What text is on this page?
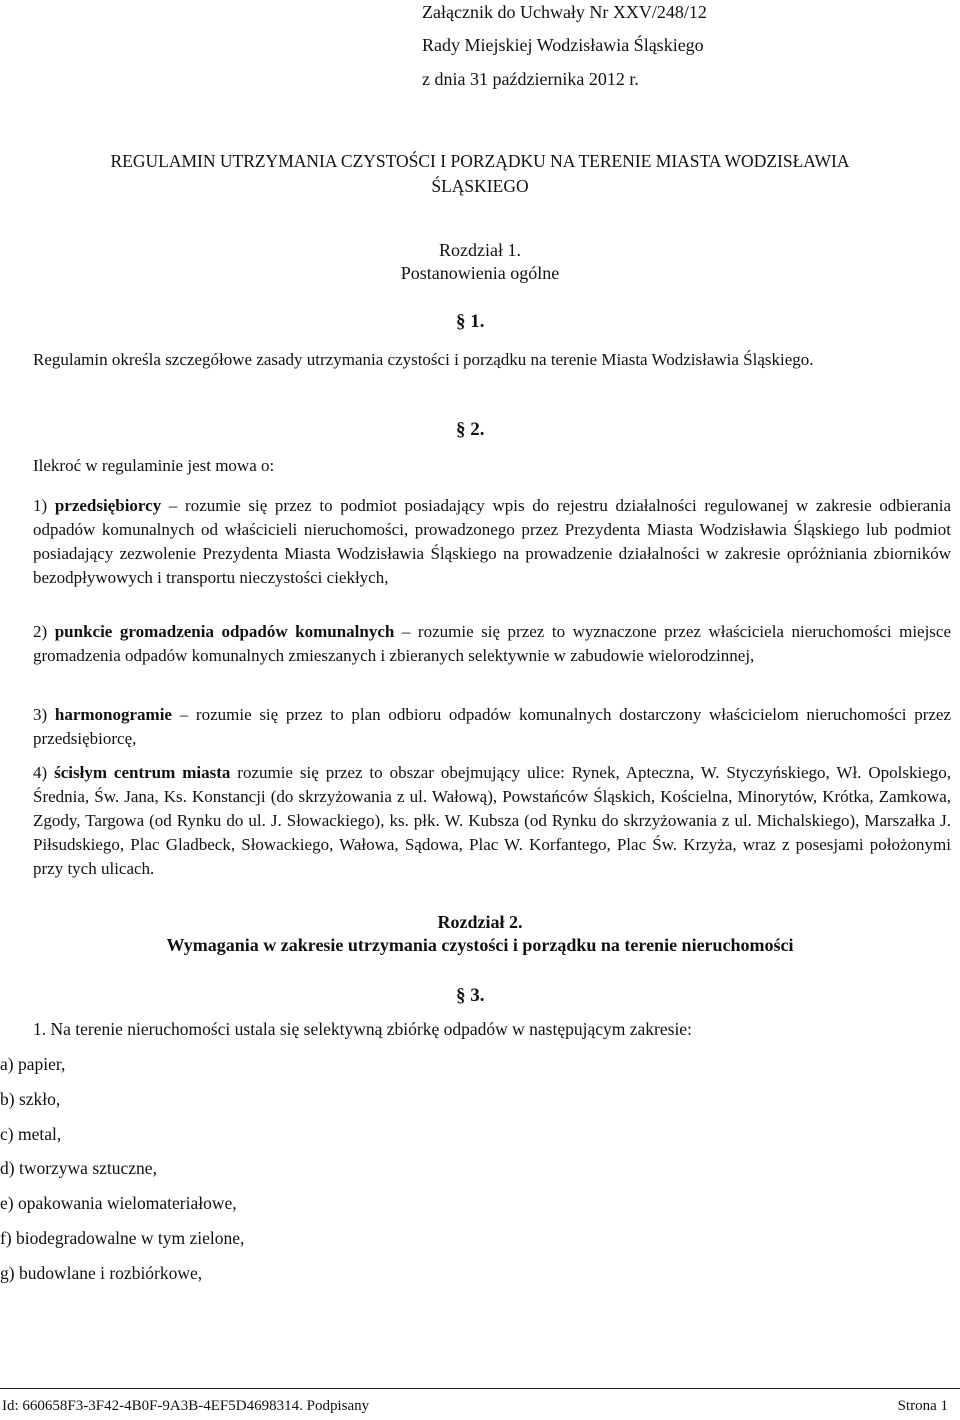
Załącznik do Uchwały Nr XXV/248/12
Rady Miejskiej Wodzisławia Śląskiego
z dnia 31 października 2012 r.
REGULAMIN UTRZYMANIA CZYSTOŚCI I PORZĄDKU NA TERENIE MIASTA WODZISŁAWIA
ŚLĄSKIEGO
Rozdział 1.
Postanowienia ogólne
§ 1.
Regulamin określa szczegółowe zasady utrzymania czystości i porządku na terenie Miasta Wodzisławia Śląskiego.
§ 2.
Ilekroć w regulaminie jest mowa o:
1) przedsiębiorcy – rozumie się przez to podmiot posiadający wpis do rejestru działalności regulowanej w zakresie odbierania odpadów komunalnych od właścicieli nieruchomości, prowadzonego przez Prezydenta Miasta Wodzisławia Śląskiego lub podmiot posiadający zezwolenie Prezydenta Miasta Wodzisławia Śląskiego na prowadzenie działalności w zakresie opróżniania zbiorników bezodpływowych i transportu nieczystości ciekłych,
2) punkcie gromadzenia odpadów komunalnych – rozumie się przez to wyznaczone przez właściciela nieruchomości miejsce gromadzenia odpadów komunalnych zmieszanych i zbieranych selektywnie w zabudowie wielorodzinnej,
3) harmonogramie – rozumie się przez to plan odbioru odpadów komunalnych dostarczony właścicielom nieruchomości przez przedsiębiorcę,
4) ścisłym centrum miasta rozumie się przez to obszar obejmujący ulice: Rynek, Apteczna, W. Styczyńskiego, Wł. Opolskiego, Średnia, Św. Jana, Ks. Konstancji (do skrzyżowania z ul. Wałową), Powstańców Śląskich, Kościelna, Minorytów, Krótka, Zamkowa, Zgody, Targowa (od Rynku do ul. J. Słowackiego), ks. płk. W. Kubsza (od Rynku do skrzyżowania z ul. Michalskiego), Marszałka J. Piłsudskiego, Plac Gladbeck, Słowackiego, Wałowa, Sądowa, Plac W. Korfantego, Plac Św. Krzyża, wraz z posesjami położonymi przy tych ulicach.
Rozdział 2.
Wymagania w zakresie utrzymania czystości i porządku na terenie nieruchomości
§ 3.
1. Na terenie nieruchomości ustala się selektywną zbiórkę odpadów w następującym zakresie:
a) papier,
b) szkło,
c) metal,
d) tworzywa sztuczne,
e) opakowania wielomateriałowe,
f) biodegradowalne w tym zielone,
g) budowlane i rozbiórkowe,
Id: 660658F3-3F42-4B0F-9A3B-4EF5D4698314. Podpisany	Strona 1
